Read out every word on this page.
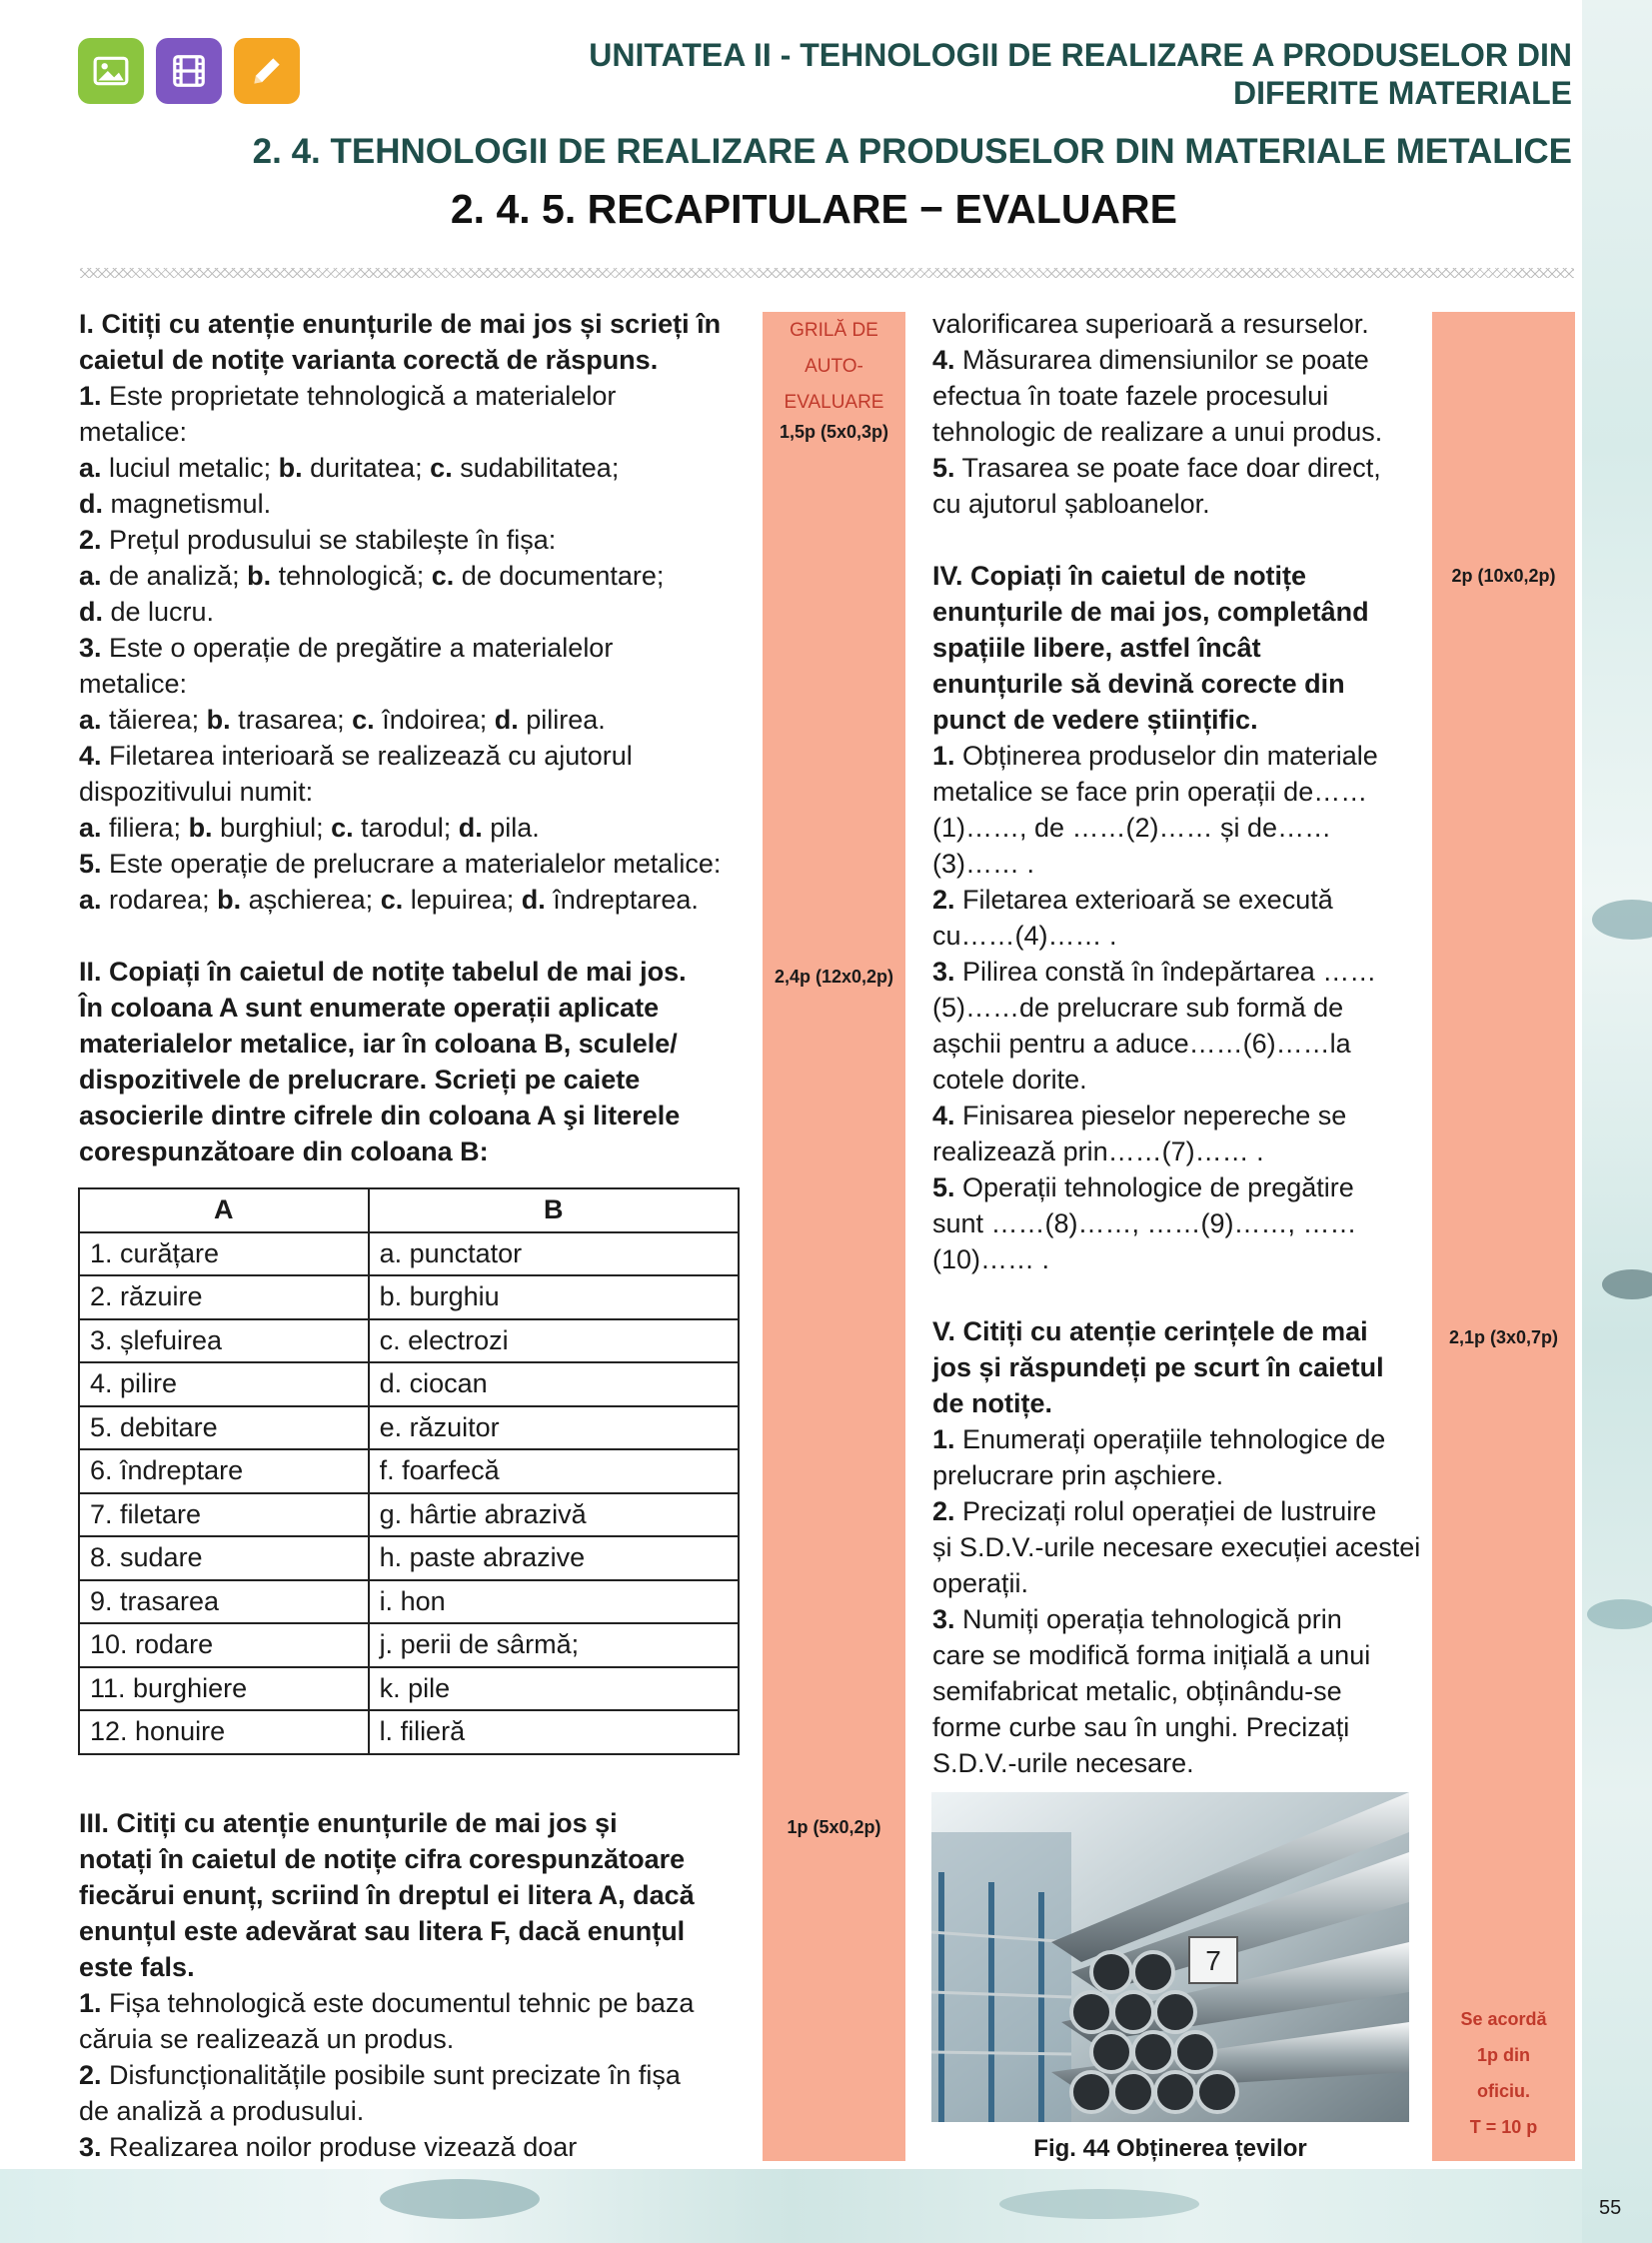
UNITATEA II - TEHNOLOGII DE REALIZARE A PRODUSELOR DIN
DIFERITE MATERIALE
2. 4. TEHNOLOGII DE REALIZARE A PRODUSELOR DIN MATERIALE METALICE
2. 4. 5. RECAPITULARE − EVALUARE
GRILĂ DE
AUTO-
EVALUARE
1,5p (5x0,3p)
2,4p (12x0,2p)
1p (5x0,2p)
2p (10x0,2p)
2,1p (3x0,7p)
Se acordă
1p din
oficiu.
T = 10 p

I. Citiți cu atenție enunțurile de mai jos și scrieți în

caietul de notițe varianta corectă de răspuns.

1. Este proprietate tehnologică a materialelor

metalice:

a. luciul metalic; b. duritatea; c. sudabilitatea;

d. magnetismul.

2. Prețul produsului se stabilește în fișa:

a. de analiză; b. tehnologică; c. de documentare;

d. de lucru.

3. Este o operație de pregătire a materialelor

metalice:

a. tăierea; b. trasarea; c. îndoirea; d. pilirea.

4. Filetarea interioară se realizează cu ajutorul

dispozitivului numit:

a. filiera; b. burghiul; c. tarodul; d. pila.

5. Este operație de prelucrare a materialelor metalice:

a. rodarea; b. așchierea; c. lepuirea; d. îndreptarea.

II. Copiați în caietul de notițe tabelul de mai jos.

În coloana A sunt enumerate operații aplicate

materialelor metalice, iar în coloana B, sculele/

dispozitivele de prelucrare. Scrieți pe caiete

asocierile dintre cifrele din coloana A şi literele

corespunzătoare din coloana B:

A	B
1. curățare	a. punctator
2. răzuire	b. burghiu
3. șlefuirea	c. electrozi
4. pilire	d. ciocan
5. debitare	e. răzuitor
6. îndreptare	f. foarfecă
7. filetare	g. hârtie abrazivă
8. sudare	h. paste abrazive
9. trasarea	i. hon
10. rodare	j. perii de sârmă;
11. burghiere	k. pile
12. honuire	l. filieră

III. Citiți cu atenție enunțurile de mai jos și

notați în caietul de notițe cifra corespunzătoare

fiecărui enunț, scriind în dreptul ei litera A, dacă

enunțul este adevărat sau litera F, dacă enunțul

este fals.

1. Fișa tehnologică este documentul tehnic pe baza

căruia se realizează un produs.

2. Disfuncționalitățile posibile sunt precizate în fișa

de analiză a produsului.

3. Realizarea noilor produse vizează doar

valorificarea superioară a resurselor.

4. Măsurarea dimensiunilor se poate

efectua în toate fazele procesului

tehnologic de realizare a unui produs.

5. Trasarea se poate face doar direct,

cu ajutorul șabloanelor.

IV. Copiați în caietul de notițe

enunțurile de mai jos, completând

spațiile libere, astfel încât

enunțurile să devină corecte din

punct de vedere științific.

1. Obținerea produselor din materiale

metalice se face prin operații de……

(1)……, de ……(2)…… și de……

(3)…… .

2. Filetarea exterioară se execută

cu……(4)…… .

3. Pilirea constă în îndepărtarea ……

(5)……de prelucrare sub formă de

așchii pentru a aduce……(6)……la

cotele dorite.

4. Finisarea pieselor nepereche se

realizează prin……(7)…… .

5. Operații tehnologice de pregătire

sunt ……(8)……, ……(9)……, ……

(10)…… .

V. Citiți cu atenție cerințele de mai

jos și răspundeți pe scurt în caietul

de notițe.

1. Enumerați operațiile tehnologice de

prelucrare prin așchiere.

2. Precizați rolul operației de lustruire

și S.D.V.-urile necesare execuției acestei

operații.

3. Numiți operația tehnologică prin

care se modifică forma inițială a unui

semifabricat metalic, obținându-se

forme curbe sau în unghi. Precizați

S.D.V.-urile necesare.

7
Fig. 44 Obținerea țevilor
55
